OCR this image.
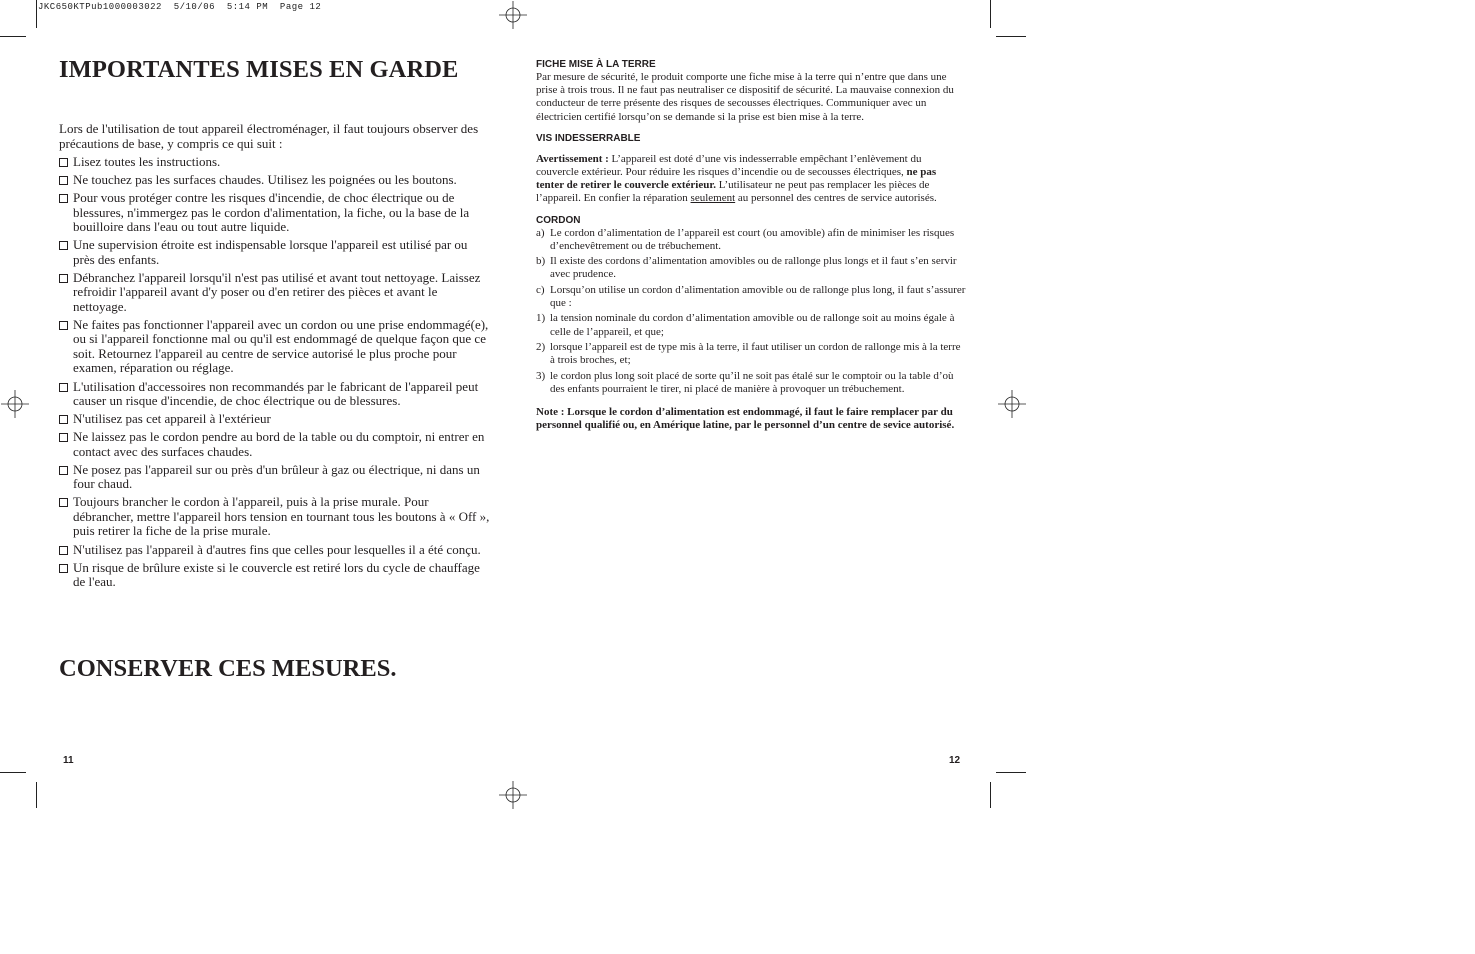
JKC650KTPub1000003022  5/10/06  5:14 PM  Page 12
IMPORTANTES MISES EN GARDE

Lors de l'utilisation de tout appareil électroménager, il faut toujours observer des précautions de base, y compris ce qui suit :

Lisez toutes les instructions.
Ne touchez pas les surfaces chaudes. Utilisez les poignées ou les boutons.
Pour vous protéger contre les risques d'incendie, de choc électrique ou de blessures, n'immergez pas le cordon d'alimentation, la fiche, ou la base de la bouilloire dans l'eau ou tout autre liquide.
Une supervision étroite est indispensable lorsque l'appareil est utilisé par ou près des enfants.
Débranchez l'appareil lorsqu'il n'est pas utilisé et avant tout nettoyage. Laissez refroidir l'appareil avant d'y poser ou d'en retirer des pièces et avant le nettoyage.
Ne faites pas fonctionner l'appareil avec un cordon ou une prise endommagé(e), ou si l'appareil fonctionne mal ou qu'il est endommagé de quelque façon que ce soit. Retournez l'appareil au centre de service autorisé le plus proche pour examen, réparation ou réglage.
L'utilisation d'accessoires non recommandés par le fabricant de l'appareil peut causer un risque d'incendie, de choc électrique ou de blessures.
N'utilisez pas cet appareil à l'extérieur
Ne laissez pas le cordon pendre au bord de la table ou du comptoir, ni entrer en contact avec des surfaces chaudes.
Ne posez pas l'appareil sur ou près d'un brûleur à gaz ou électrique, ni dans un four chaud.
Toujours brancher le cordon à l'appareil, puis à la prise murale. Pour débrancher, mettre l'appareil hors tension en tournant tous les boutons à « Off », puis retirer la fiche de la prise murale.
N'utilisez pas l'appareil à d'autres fins que celles pour lesquelles il a été conçu.
Un risque de brûlure existe si le couvercle est retiré lors du cycle de chauffage de l'eau.
CONSERVER CES MESURES.
11
FICHE MISE À LA TERRE

Par mesure de sécurité, le produit comporte une fiche mise à la terre qui n’entre que dans une prise à trois trous. Il ne faut pas neutraliser ce dispositif de sécurité. La mauvaise connexion du conducteur de terre présente des risques de secousses électriques. Communiquer avec un électricien certifié lorsqu’on se demande si la prise est bien mise à la terre.

VIS INDESSERRABLE

Avertissement : L’appareil est doté d’une vis indesserrable empêchant l’enlèvement du couvercle extérieur. Pour réduire les risques d’incendie ou de secousses électriques, ne pas tenter de retirer le couvercle extérieur. L’utilisateur ne peut pas remplacer les pièces de l’appareil. En confier la réparation seulement au personnel des centres de service autorisés.

CORDON
a) Le cordon d’alimentation de l’appareil est court (ou amovible) afin de minimiser les risques d’enchevêtrement ou de trébuchement.
b) Il existe des cordons d’alimentation amovibles ou de rallonge plus longs et il faut s’en servir avec prudence.
c) Lorsqu’on utilise un cordon d’alimentation amovible ou de rallonge plus long, il faut s’assurer que :
1) la tension nominale du cordon d’alimentation amovible ou de rallonge soit au moins égale à celle de l’appareil, et que;
2) lorsque l’appareil est de type mis à la terre, il faut utiliser un cordon de rallonge mis à la terre à trois broches, et;
3) le cordon plus long soit placé de sorte qu’il ne soit pas étalé sur le comptoir ou la table d’où des enfants pourraient le tirer, ni placé de manière à provoquer un trébuchement.

Note : Lorsque le cordon d’alimentation est endommagé, il faut le faire remplacer par du personnel qualifié ou, en Amérique latine, par le personnel d’un centre de sevice autorisé.

12
